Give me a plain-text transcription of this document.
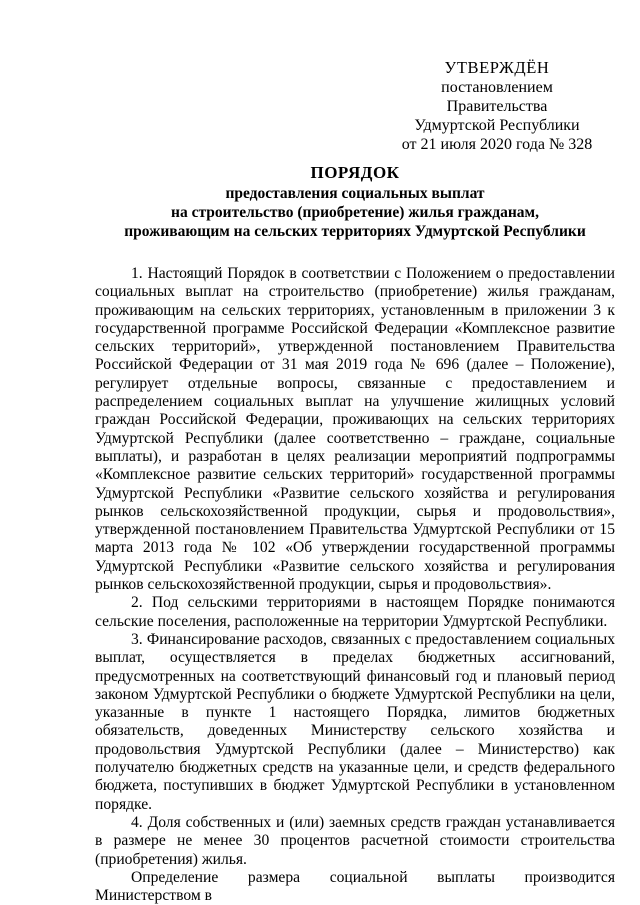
УТВЕРЖДЁН
постановлением Правительства
Удмуртской Республики
от 21 июля 2020 года № 328
ПОРЯДОК
предоставления социальных выплат
на строительство (приобретение) жилья гражданам,
проживающим на сельских территориях Удмуртской Республики

1. Настоящий Порядок в соответствии с Положением о предоставлении социальных выплат на строительство (приобретение) жилья гражданам, проживающим на сельских территориях, установленным в приложении 3 к государственной программе Российской Федерации «Комплексное развитие сельских территорий», утвержденной постановлением Правительства Российской Федерации от 31 мая 2019 года № 696 (далее – Положение), регулирует отдельные вопросы, связанные с предоставлением и распределением социальных выплат на улучшение жилищных условий граждан Российской Федерации, проживающих на сельских территориях Удмуртской Республики (далее соответственно – граждане, социальные выплаты), и разработан в целях реализации мероприятий подпрограммы «Комплексное развитие сельских территорий» государственной программы Удмуртской Республики «Развитие сельского хозяйства и регулирования рынков сельскохозяйственной продукции, сырья и продовольствия», утвержденной постановлением Правительства Удмуртской Республики от 15 марта 2013 года № 102 «Об утверждении государственной программы Удмуртской Республики «Развитие сельского хозяйства и регулирования рынков сельскохозяйственной продукции, сырья и продовольствия».

2. Под сельскими территориями в настоящем Порядке понимаются сельские поселения, расположенные на территории Удмуртской Республики.

3. Финансирование расходов, связанных с предоставлением социальных выплат, осуществляется в пределах бюджетных ассигнований, предусмотренных на соответствующий финансовый год и плановый период законом Удмуртской Республики о бюджете Удмуртской Республики на цели, указанные в пункте 1 настоящего Порядка, лимитов бюджетных обязательств, доведенных Министерству сельского хозяйства и продовольствия Удмуртской Республики (далее – Министерство) как получателю бюджетных средств на указанные цели, и средств федерального бюджета, поступивших в бюджет Удмуртской Республики в установленном порядке.

4. Доля собственных и (или) заемных средств граждан устанавливается в размере не менее 30 процентов расчетной стоимости строительства (приобретения) жилья.

Определение размера социальной выплаты производится Министерством в
